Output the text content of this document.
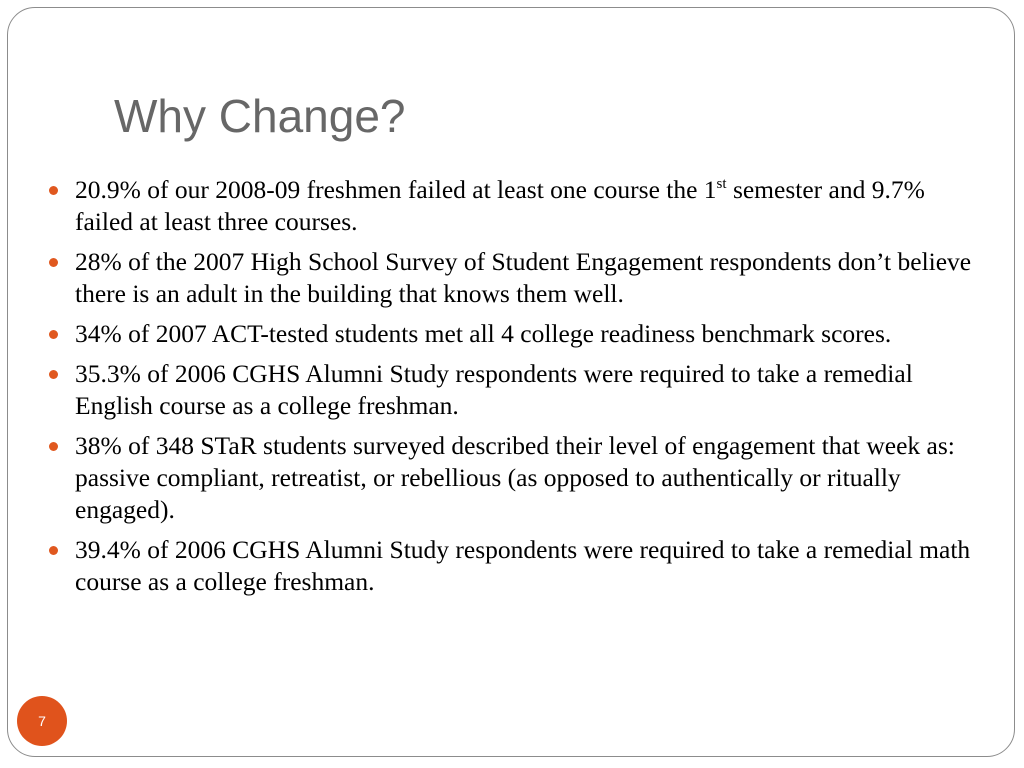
Why Change?
20.9% of our 2008-09 freshmen failed at least one course the 1st semester and 9.7% failed at least three courses.
28% of the 2007 High School Survey of Student Engagement respondents don’t believe there is an adult in the building that knows them well.
34% of 2007 ACT-tested students met all 4 college readiness benchmark scores.
35.3% of 2006 CGHS Alumni Study respondents were required to take a remedial English course as a college freshman.
38% of 348 STaR students surveyed described their level of engagement that week as: passive compliant, retreatist, or rebellious (as opposed to authentically or ritually engaged).
39.4% of 2006 CGHS Alumni Study respondents were required to take a remedial math course as a college freshman.
7
